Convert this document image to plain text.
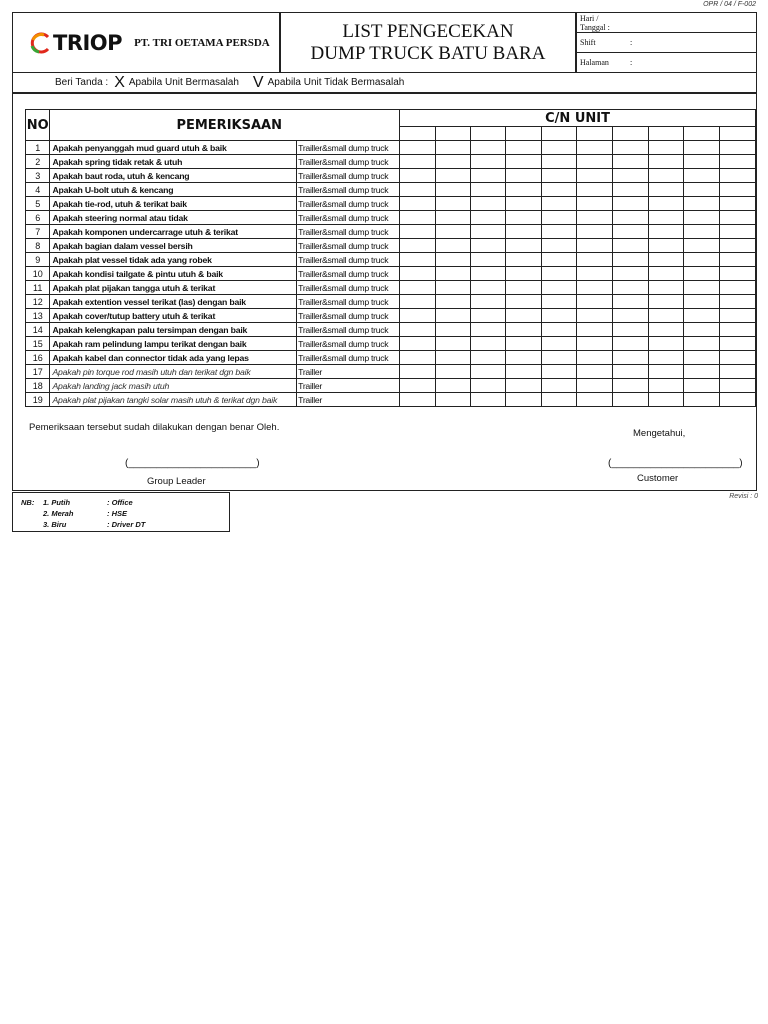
OPR / 04 / F-002
TRIOP PT. TRI OETAMA PERSDA
LIST PENGECEKAN
DUMP TRUCK BATU BARA
Hari / Tanggal :
Shift	:
Halaman	:
Beri Tanda : X Apabila Unit Bermasalah V Apabila Unit Tidak Bermasalah
NO	PEMERIKSAAN		C/N UNIT									

1	Apakah penyanggah mud guard utuh & baik	Trailler&small dump truck										
2	Apakah spring tidak retak & utuh	Trailler&small dump truck										
3	Apakah baut roda, utuh & kencang	Trailler&small dump truck										
4	Apakah U-bolt utuh & kencang	Trailler&small dump truck										
5	Apakah tie-rod, utuh & terikat baik	Trailler&small dump truck										
6	Apakah steering normal atau tidak	Trailler&small dump truck										
7	Apakah komponen undercarrage utuh & terikat	Trailler&small dump truck										
8	Apakah bagian dalam vessel bersih	Trailler&small dump truck										
9	Apakah plat vessel tidak ada yang robek	Trailler&small dump truck										
10	Apakah kondisi tailgate & pintu utuh & baik	Trailler&small dump truck										
11	Apakah plat pijakan tangga utuh & terikat	Trailler&small dump truck										
12	Apakah extention vessel terikat (las) dengan baik	Trailler&small dump truck										
13	Apakah cover/tutup battery utuh & terikat	Trailler&small dump truck										
14	Apakah kelengkapan palu tersimpan dengan baik	Trailler&small dump truck										
15	Apakah ram pelindung lampu terikat dengan baik	Trailler&small dump truck										
16	Apakah kabel dan connector tidak ada yang lepas	Trailler&small dump truck										
17	Apakah pin torque rod masih utuh dan terikat dgn baik	Trailler										
18	Apakah landing jack masih utuh	Trailler										
19	Apakah plat pijakan tangki solar masih utuh & terikat dgn baik	Trailler										
Pemeriksaan tersebut sudah dilakukan dengan benar Oleh.
Mengetahui,
(_______________________)	(_______________________)
Group Leader	Customer
Revisi : 0
NB: 1. Putih	: Office
2. Merah	: HSE
3. Biru	: Driver DT
